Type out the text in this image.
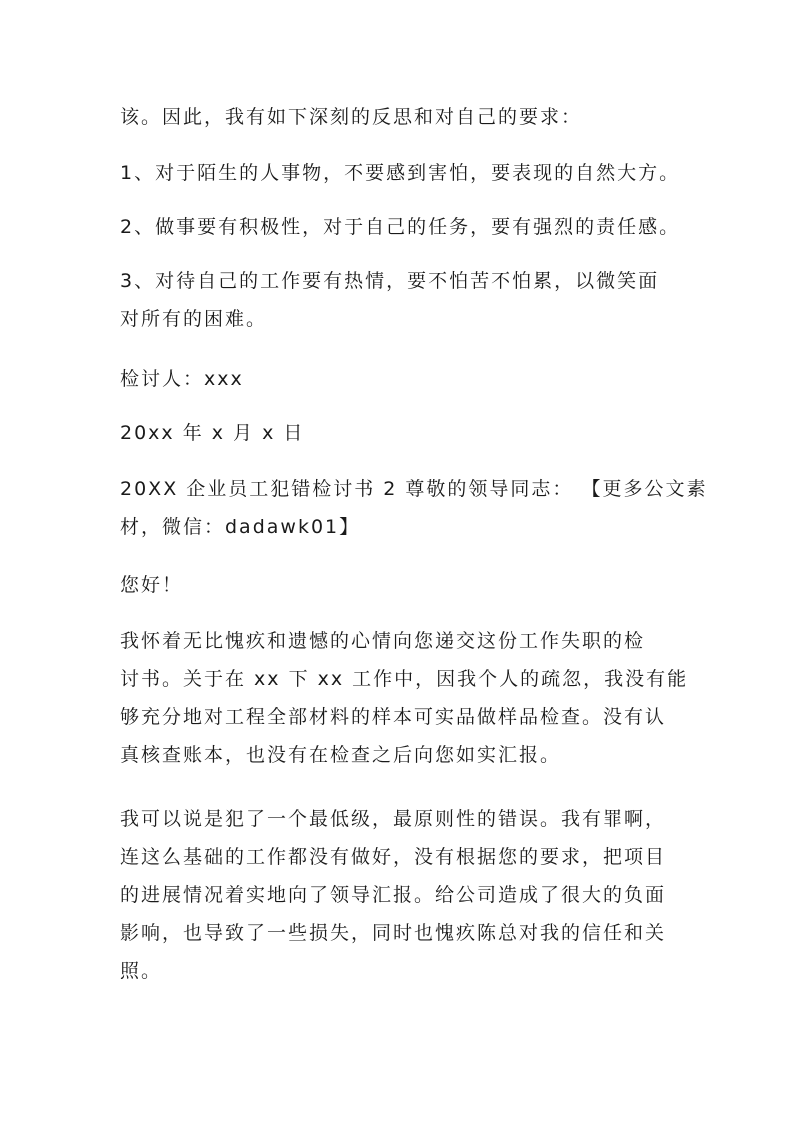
该。因此，我有如下深刻的反思和对自己的要求：
1、对于陌生的人事物，不要感到害怕，要表现的自然大方。
2、做事要有积极性，对于自己的任务，要有强烈的责任感。
3、对待自己的工作要有热情，要不怕苦不怕累，以微笑面
对所有的困难。
检讨人：xxx
20xx 年 x 月 x 日
20XX 企业员工犯错检讨书 2 尊敬的领导同志： 【更多公文素
材，微信：dadawk01】
您好！
我怀着无比愧疚和遗憾的心情向您递交这份工作失职的检
讨书。关于在 xx 下 xx 工作中，因我个人的疏忽，我没有能
够充分地对工程全部材料的样本可实品做样品检查。没有认
真核查账本，也没有在检查之后向您如实汇报。
我可以说是犯了一个最低级，最原则性的错误。我有罪啊，
连这么基础的工作都没有做好，没有根据您的要求，把项目
的进展情况着实地向了领导汇报。给公司造成了很大的负面
影响，也导致了一些损失，同时也愧疚陈总对我的信任和关
照。
